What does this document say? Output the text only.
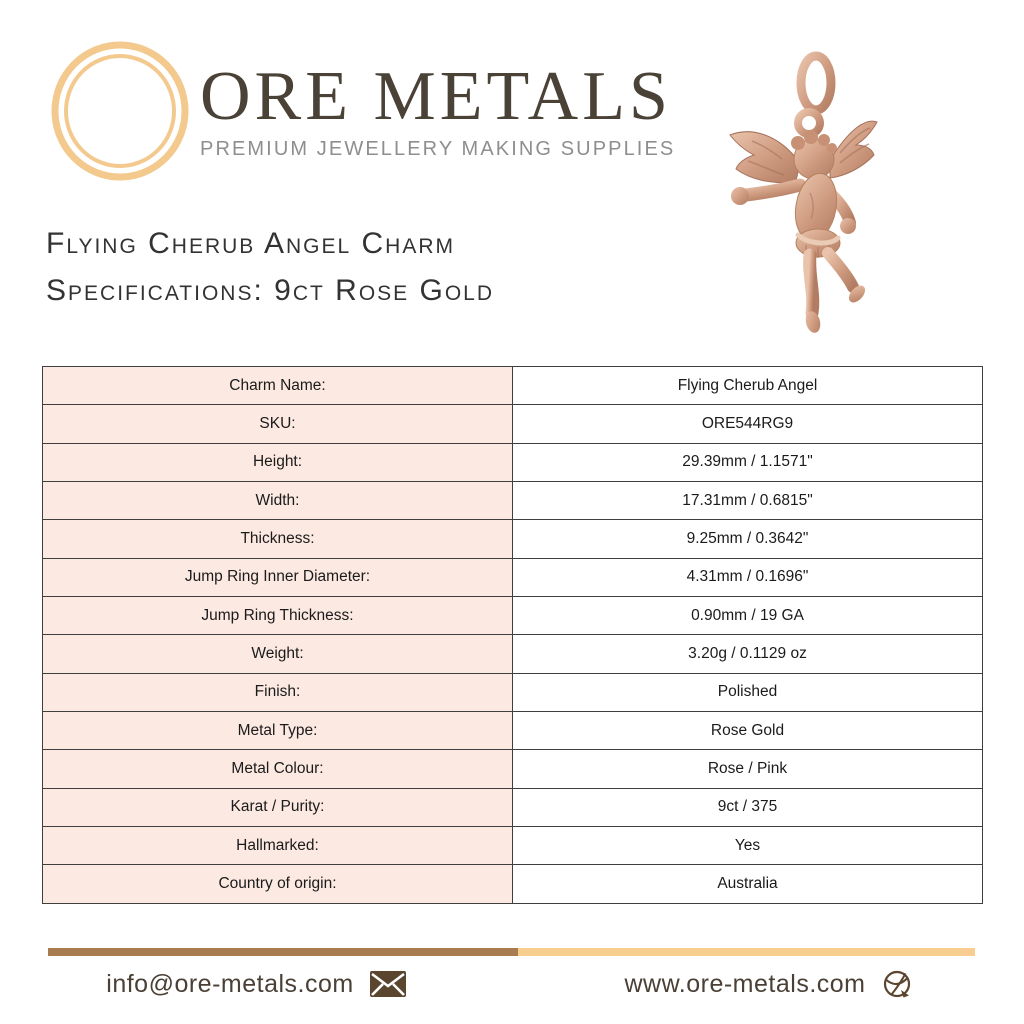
ORE METALS
PREMIUM JEWELLERY MAKING SUPPLIES
Flying Cherub Angel Charm
Specifications: 9ct Rose Gold
Charm Name:	Flying Cherub Angel
SKU:	ORE544RG9
Height:	29.39mm / 1.1571"
Width:	17.31mm / 0.6815"
Thickness:	9.25mm / 0.3642"
Jump Ring Inner Diameter:	4.31mm / 0.1696"
Jump Ring Thickness:	0.90mm / 19 GA
Weight:	3.20g / 0.1129 oz
Finish:	Polished
Metal Type:	Rose Gold
Metal Colour:	Rose / Pink
Karat / Purity:	9ct / 375
Hallmarked:	Yes
Country of origin:	Australia
info@ore-metals.com	www.ore-metals.com
